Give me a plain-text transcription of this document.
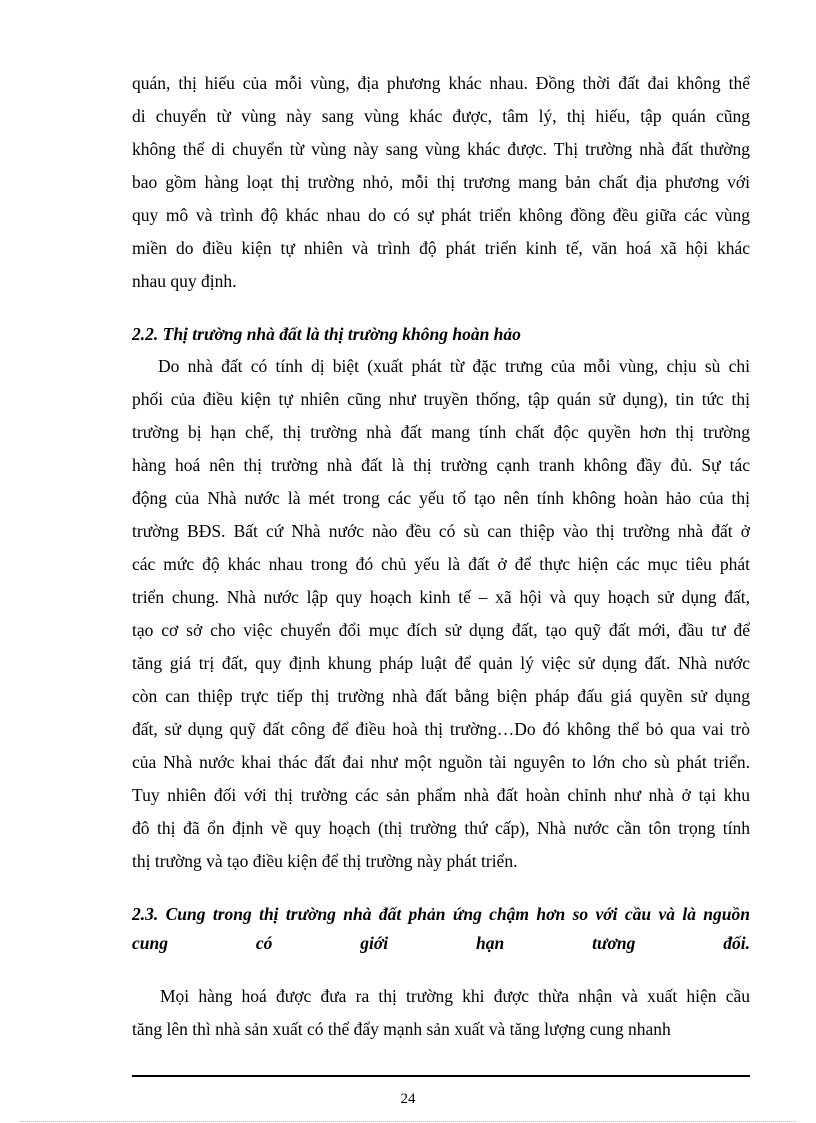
quán, thị hiếu của mỗi vùng, địa phương khác nhau. Đồng thời đất đai không thể
di chuyển từ vùng này sang vùng khác được, tâm lý, thị hiếu, tập quán cũng
không thể di chuyển từ vùng này sang vùng khác được. Thị trường nhà đất thường
bao gồm hàng loạt thị trường nhỏ, mỗi thị trương mang bản chất địa phương với
quy mô và trình độ khác nhau do có sự phát triển không đồng đều giữa các vùng
miền do điều kiện tự nhiên và trình độ phát triển kinh tế, văn hoá xã hội khác
nhau quy định.
2.2. Thị trường nhà đất là thị trường không hoàn hảo
Do nhà đất có tính dị biệt (xuất phát từ đặc trưng của mỗi vùng, chịu sù chi
phối của điều kiện tự nhiên cũng như truyền thống, tập quán sử dụng), tin tức thị
trường bị hạn chế, thị trường nhà đất mang tính chất độc quyền hơn thị trường
hàng hoá nên thị trường nhà đất là thị trường cạnh tranh không đầy đủ. Sự tác
động của Nhà nước là mét trong các yếu tố tạo nên tính không hoàn hảo của thị
trường BĐS. Bất cứ Nhà nước nào đều có sù can thiệp vào thị trường nhà đất ở
các mức độ khác nhau trong đó chủ yếu là đất ở để thực hiện các mục tiêu phát
triển chung. Nhà nước lập quy hoạch kinh tế – xã hội và quy hoạch sử dụng đất,
tạo cơ sở cho việc chuyển đổi mục đích sử dụng đất, tạo quỹ đất mới, đầu tư để
tăng giá trị đất, quy định khung pháp luật để quản lý việc sử dụng đất. Nhà nước
còn can thiệp trực tiếp thị trường nhà đất bằng biện pháp đấu giá quyền sử dụng
đất, sử dụng quỹ đất công để điều hoà thị trường…Do đó không thể bỏ qua vai trò
của Nhà nước khai thác đất đai như một nguồn tài nguyên to lớn cho sù phát triển.
Tuy nhiên đối với thị trường các sản phẩm nhà đất hoàn chỉnh như nhà ở tại khu
đô thị đã ổn định về quy hoạch (thị trường thứ cấp), Nhà nước cần tôn trọng tính
thị trường và tạo điều kiện để thị trường này phát triển.
2.3. Cung trong thị trường nhà đất phản ứng chậm hơn so với cầu và là nguồn
cung có giới hạn tương đối.
Mọi hàng hoá được đưa ra thị trường khi được thừa nhận và xuất hiện cầu
tăng lên thì nhà sản xuất có thể đẩy mạnh sản xuất và tăng lượng cung nhanh
24
